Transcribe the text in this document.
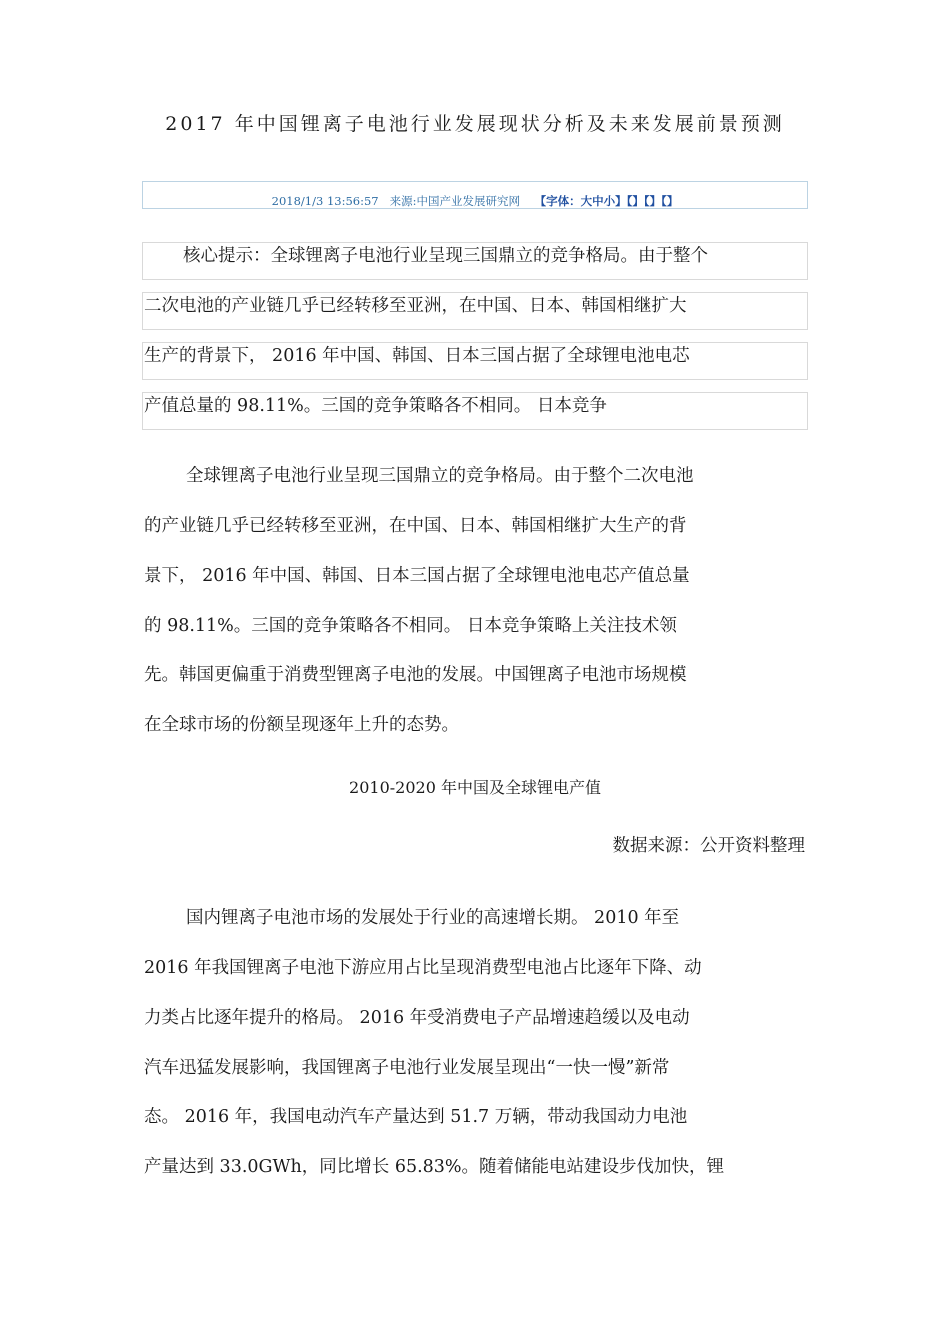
2017 年中国锂离子电池行业发展现状分析及未来发展前景预测
2018/1/3 13:56:57 来源:中国产业发展研究网 【字体：大中小】【】【】【】
核心提示：全球锂离子电池行业呈现三国鼎立的竞争格局。由于整个
二次电池的产业链几乎已经转移至亚洲，在中国、日本、韩国相继扩大
生产的背景下， 2016 年中国、韩国、日本三国占据了全球锂电池电芯
产值总量的 98.11%。三国的竞争策略各不相同。 日本竞争
全球锂离子电池行业呈现三国鼎立的竞争格局。由于整个二次电池
的产业链几乎已经转移至亚洲，在中国、日本、韩国相继扩大生产的背
景下， 2016 年中国、韩国、日本三国占据了全球锂电池电芯产值总量
的 98.11%。三国的竞争策略各不相同。 日本竞争策略上关注技术领
先。韩国更偏重于消费型锂离子电池的发展。中国锂离子电池市场规模
在全球市场的份额呈现逐年上升的态势。
2010-2020 年中国及全球锂电产值
数据来源：公开资料整理
国内锂离子电池市场的发展处于行业的高速增长期。 2010 年至
2016 年我国锂离子电池下游应用占比呈现消费型电池占比逐年下降、动
力类占比逐年提升的格局。 2016 年受消费电子产品增速趋缓以及电动
汽车迅猛发展影响，我国锂离子电池行业发展呈现出“一快一慢”新常
态。 2016 年，我国电动汽车产量达到 51.7 万辆，带动我国动力电池
产量达到 33.0GWh，同比增长 65.83%。随着储能电站建设步伐加快，锂
